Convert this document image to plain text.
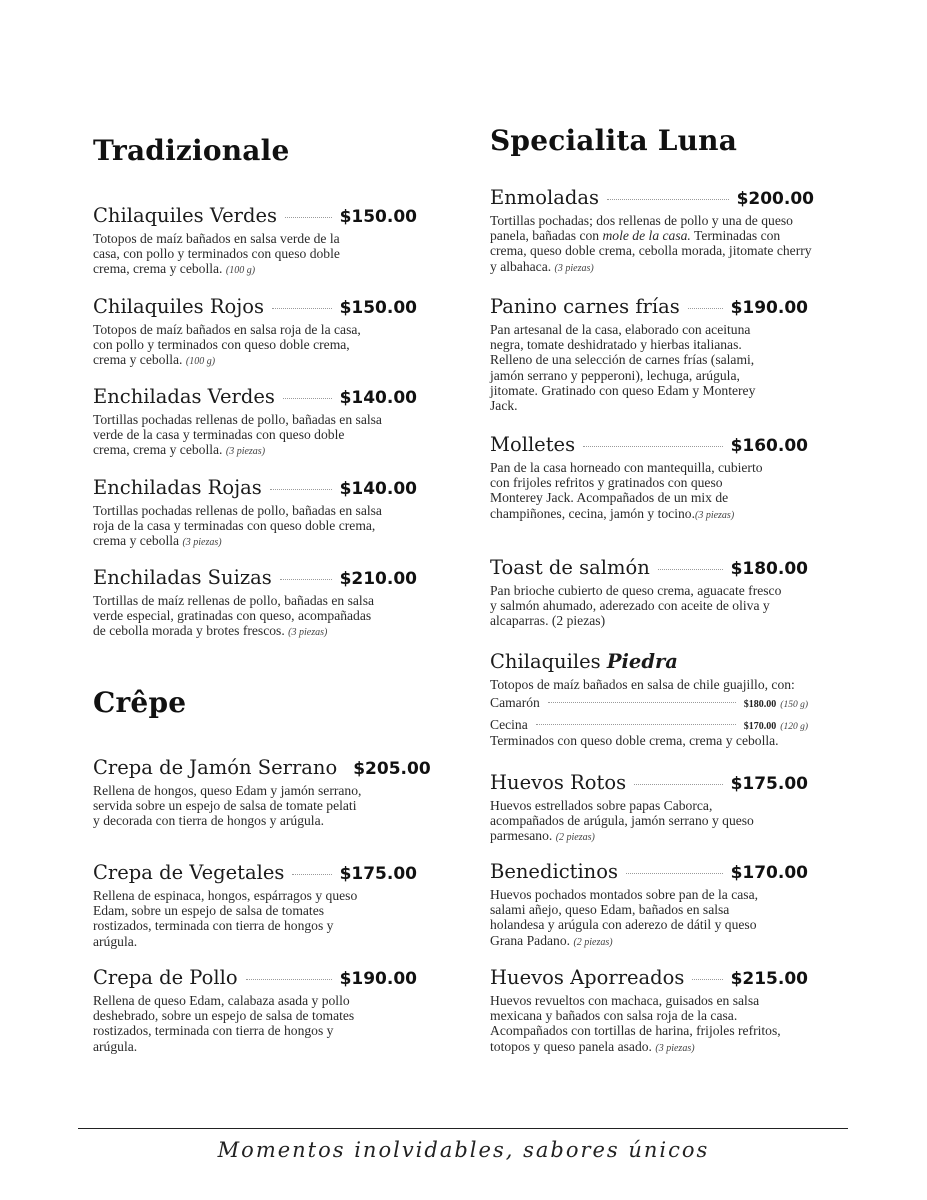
Tradizionale
Chilaquiles Verdes	$150.00
Totopos de maíz bañados en salsa verde de la casa, con pollo y terminados con queso doble crema, crema y cebolla. (100 g)
Chilaquiles Rojos	$150.00
Totopos de maíz bañados en salsa roja de la casa, con pollo y terminados con queso doble crema, crema y cebolla. (100 g)
Enchiladas Verdes	$140.00
Tortillas pochadas rellenas de pollo, bañadas en salsa verde de la casa y terminadas con queso doble crema, crema y cebolla. (3 piezas)
Enchiladas Rojas	$140.00
Tortillas pochadas rellenas de pollo, bañadas en salsa roja de la casa y terminadas con queso doble crema, crema y cebolla (3 piezas)
Enchiladas Suizas	$210.00
Tortillas de maíz rellenas de pollo, bañadas en salsa verde especial, gratinadas con queso, acompañadas de cebolla morada y brotes frescos. (3 piezas)
Crêpe
Crepa de Jamón Serrano $205.00
Rellena de hongos, queso Edam y jamón serrano, servida sobre un espejo de salsa de tomate pelati y decorada con tierra de hongos y arúgula.
Crepa de Vegetales	$175.00
Rellena de espinaca, hongos, espárragos y queso Edam, sobre un espejo de salsa de tomates rostizados, terminada con tierra de hongos y arúgula.
Crepa de Pollo	$190.00
Rellena de queso Edam, calabaza asada y pollo deshebrado, sobre un espejo de salsa de tomates rostizados, terminada con tierra de hongos y arúgula.
Specialita Luna
Enmoladas	$200.00
Tortillas pochadas; dos rellenas de pollo y una de queso panela, bañadas con mole de la casa. Terminadas con crema, queso doble crema, cebolla morada, jitomate cherry y albahaca. (3 piezas)
Panino carnes frías	$190.00
Pan artesanal de la casa, elaborado con aceituna negra, tomate deshidratado y hierbas italianas. Relleno de una selección de carnes frías (salami, jamón serrano y pepperoni), lechuga, arúgula, jitomate. Gratinado con queso Edam y Monterey Jack.
Molletes	$160.00
Pan de la casa horneado con mantequilla, cubierto con frijoles refritos y gratinados con queso Monterey Jack. Acompañados de un mix de champiñones, cecina, jamón y tocino.(3 piezas)
Toast de salmón	$180.00
Pan brioche cubierto de queso crema, aguacate fresco y salmón ahumado, aderezado con aceite de oliva y alcaparras. (2 piezas)
Chilaquiles Piedra
Totopos de maíz bañados en salsa de chile guajillo, con:
Camarón	$180.00 (150 g)
Cecina	$170.00 (120 g)
Terminados con queso doble crema, crema y cebolla.
Huevos Rotos	$175.00
Huevos estrellados sobre papas Caborca, acompañados de arúgula, jamón serrano y queso parmesano. (2 piezas)
Benedictinos	$170.00
Huevos pochados montados sobre pan de la casa, salami añejo, queso Edam, bañados en salsa holandesa y arúgula con aderezo de dátil y queso Grana Padano. (2 piezas)
Huevos Aporreados	$215.00
Huevos revueltos con machaca, guisados en salsa mexicana y bañados con salsa roja de la casa. Acompañados con tortillas de harina, frijoles refritos, totopos y queso panela asado. (3 piezas)
Momentos inolvidables, sabores únicos
